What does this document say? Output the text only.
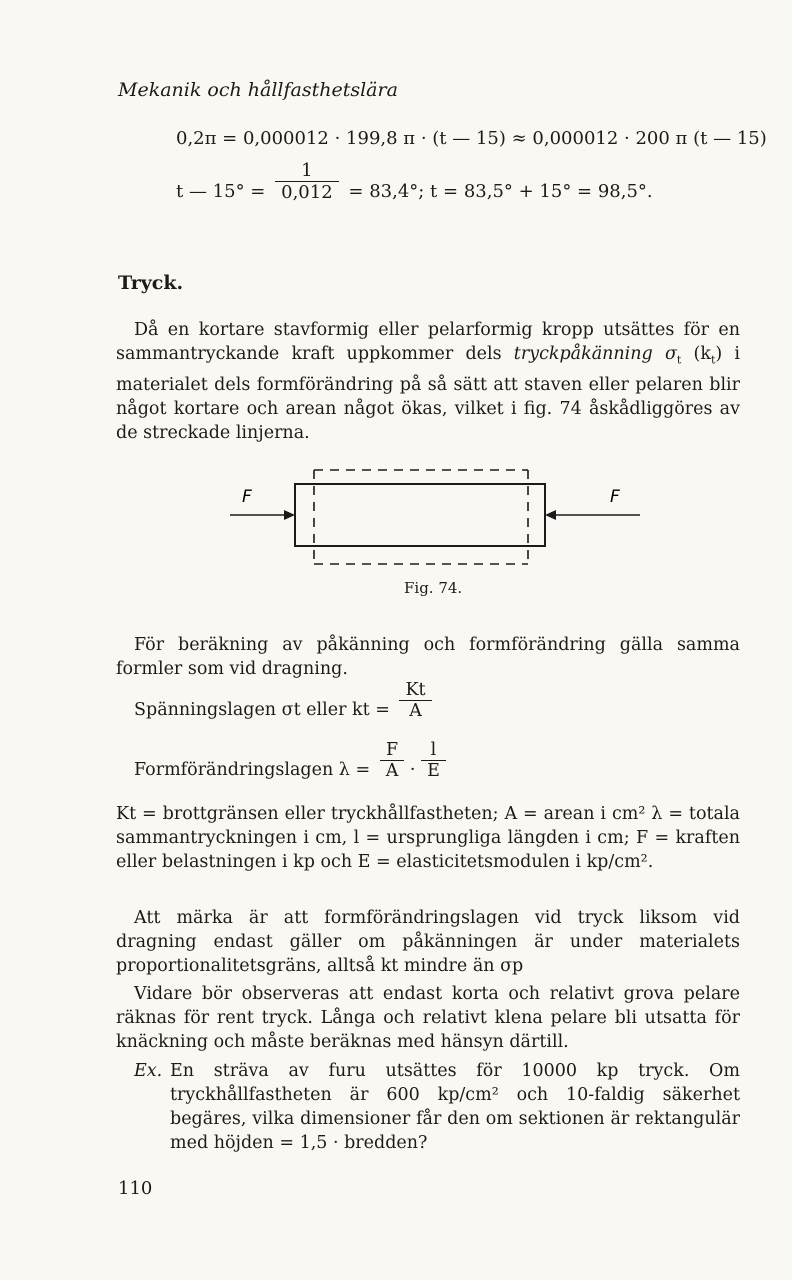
Mekanik och hållfasthetslära
0,2π = 0,000012 · 199,8 π · (t — 15) ≈ 0,000012 · 200 π (t — 15)
t — $15^\circ = \frac{1}{0,012} = 83,4^\circ$; t = 83,5° + 15° = 98,5°.
Tryck.
Då en kortare stavformig eller pelarformig kropp utsättes för en sammantryckande kraft uppkommer dels tryckpåkänning $\sigma_t$ $(k_t)$ i materialet dels formförändring på så sätt att staven eller pelaren blir något kortare och arean något ökas, vilket i fig. 74 åskådliggöres av de streckade linjerna.
F	F
Fig. 74.
För beräkning av påkänning och formförändring gälla samma formler som vid dragning.
Spänningslagen σt eller kt = $\frac{Kt}{A}$
Formförändringslagen $\lambda = \frac{F}{A} \cdot \frac{l}{E}$
Kt = brottgränsen eller tryckhållfastheten; A = arean i cm² λ = totala sammantryckningen i cm, l = ursprungliga längden i cm; F = kraften eller belastningen i kp och E = elasticitetsmodulen i kp/cm².
Att märka är att formförändringslagen vid tryck liksom vid dragning endast gäller om påkänningen är under materialets proportionalitetsgräns, alltså kt mindre än σp
Vidare bör observeras att endast korta och relativt grova pelare räknas för rent tryck. Långa och relativt klena pelare bli utsatta för knäckning och måste beräknas med hänsyn därtill.
Ex. En sträva av furu utsättes för 10000 kp tryck. Om tryckhållfastheten är 600 kp/cm² och 10-faldig säkerhet begäres, vilka dimensioner får den om sektionen är rektangulär med höjden = 1,5 · bredden?
110
